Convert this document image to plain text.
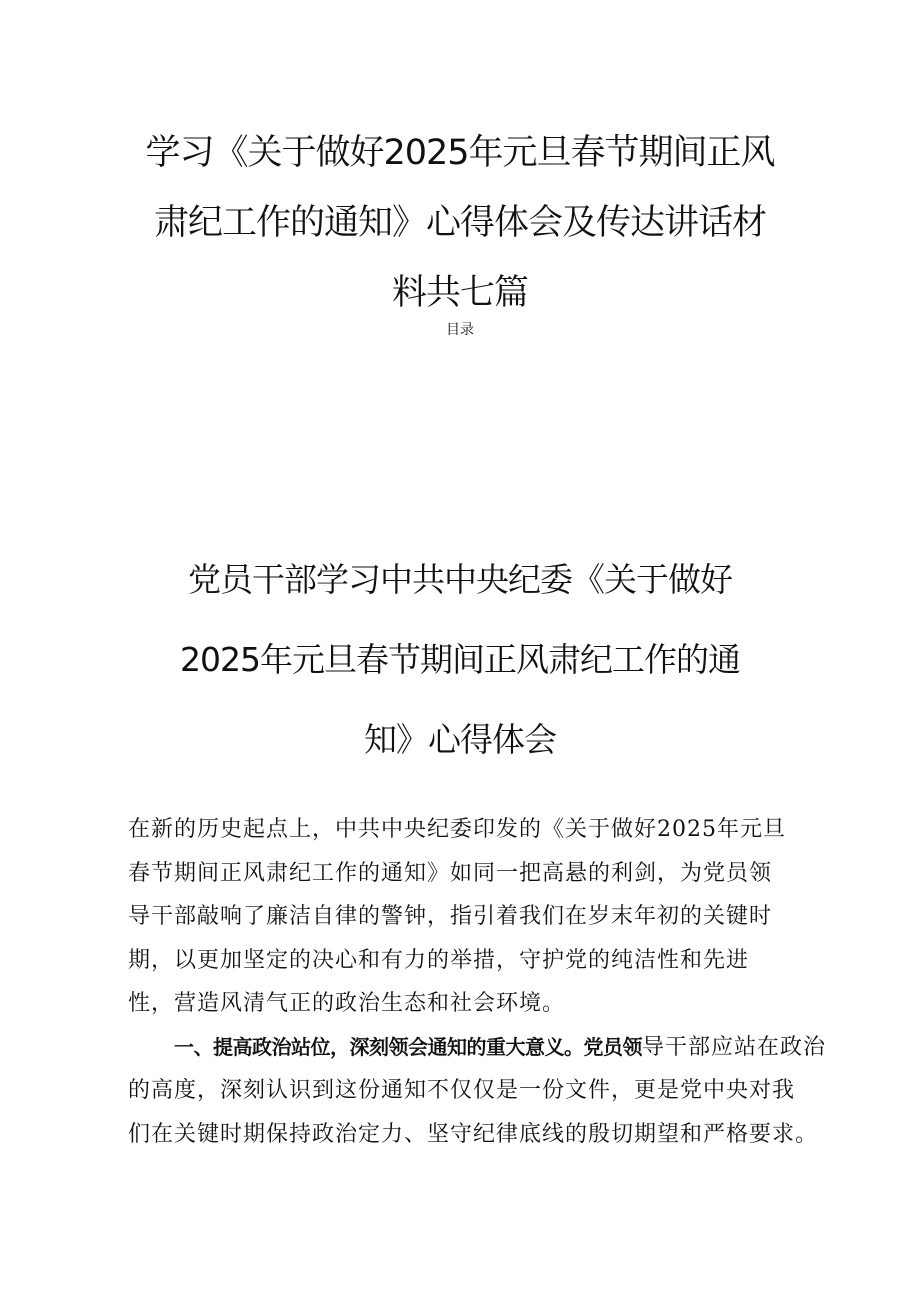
学习《关于做好2025年元旦春节期间正风
肃纪工作的通知》心得体会及传达讲话材
料共七篇
目录
党员干部学习中共中央纪委《关于做好
2025年元旦春节期间正风肃纪工作的通
知》心得体会
在新的历史起点上，中共中央纪委印发的《关于做好2025年元旦
春节期间正风肃纪工作的通知》如同一把高悬的利剑，为党员领
导干部敲响了廉洁自律的警钟，指引着我们在岁末年初的关键时
期，以更加坚定的决心和有力的举措，守护党的纯洁性和先进
性，营造风清气正的政治生态和社会环境。
一、提高政治站位，深刻领会通知的重大意义。党员领导干部应站在政治
的高度，深刻认识到这份通知不仅仅是一份文件，更是党中央对我
们在关键时期保持政治定力、坚守纪律底线的殷切期望和严格要求。
